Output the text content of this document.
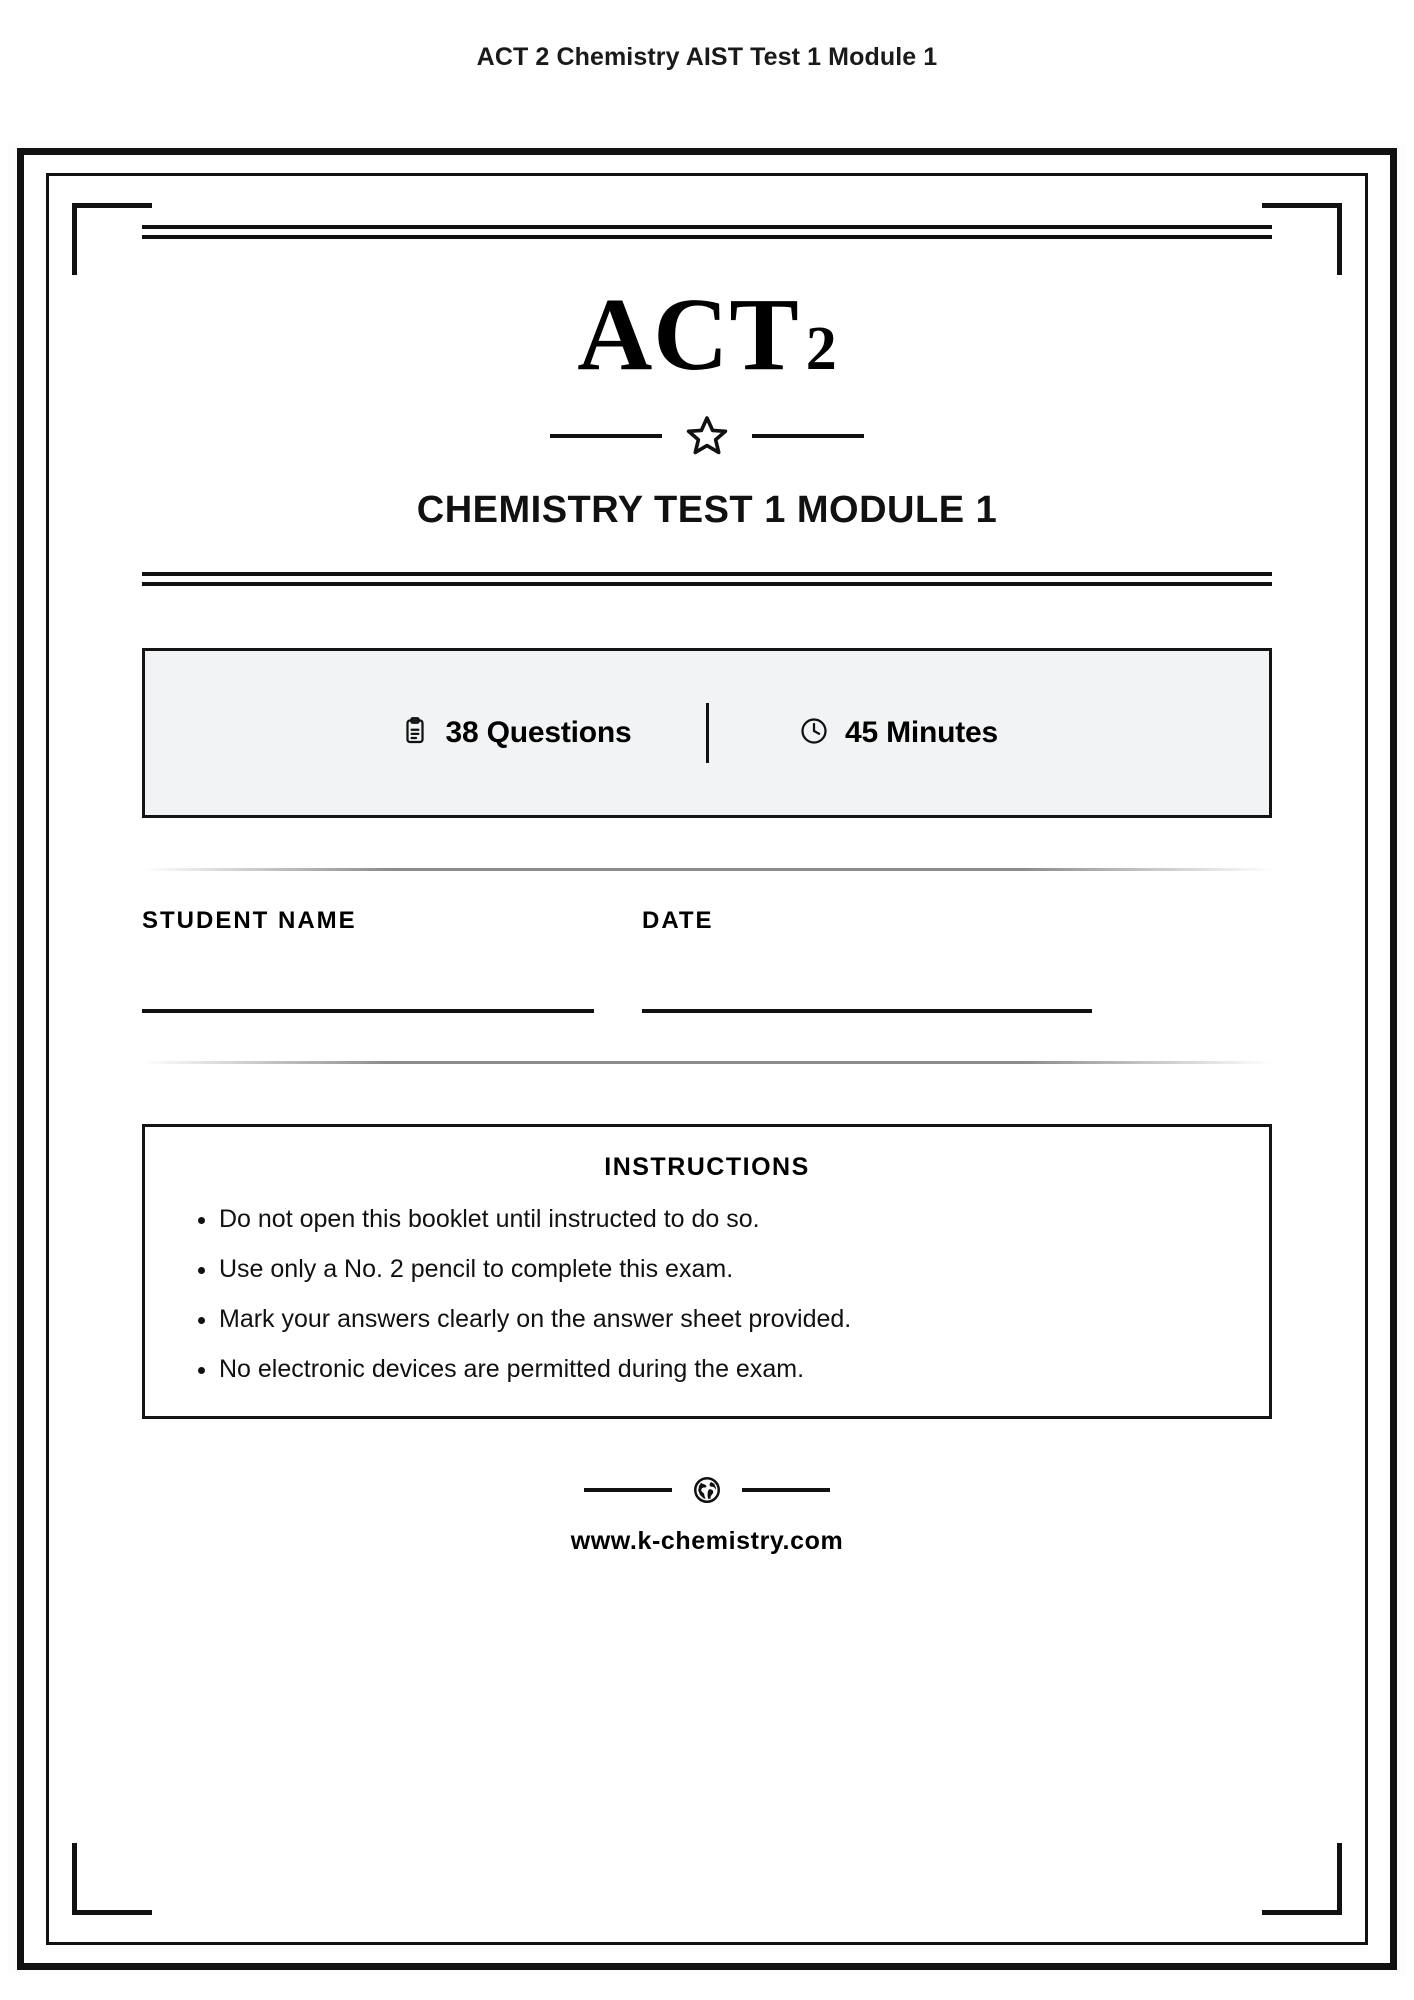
ACT 2 Chemistry AIST Test 1 Module 1
ACT2
CHEMISTRY TEST 1 MODULE 1
38 Questions	45 Minutes
STUDENT NAME	DATE
INSTRUCTIONS
• Do not open this booklet until instructed to do so.
• Use only a No. 2 pencil to complete this exam.
• Mark your answers clearly on the answer sheet provided.
• No electronic devices are permitted during the exam.
www.k-chemistry.com
